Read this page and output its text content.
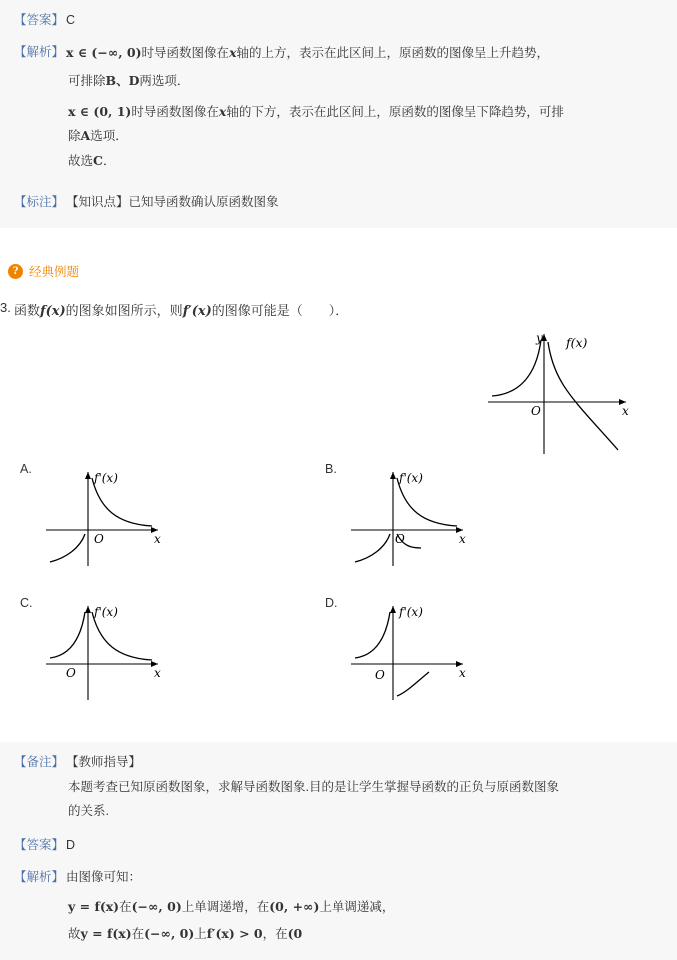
【答案】 C
【解析】 x ∈ (−∞, 0)时导函数图像在x轴的上方，表示在此区间上，原函数的图像呈上升趋势，
可排除B、D两选项．
x ∈ (0, 1)时导函数图像在x轴的下方，表示在此区间上，原函数的图像呈下降趋势，可排
除A选项．
故选C．
【标注】 【知识点】已知导函数确认原函数图象
? 经典例题
3. 函数f(x)的图象如图所示，则f′(x)的图像可能是（　　）．
y
x
O
f(x)
A.
f'(x)
x
O
B.
f'(x)
x
O
C.
f'(x)
x
O
D.
f'(x)
x
O
【备注】 【教师指导】
本题考查已知原函数图象，求解导函数图象.目的是让学生掌握导函数的正负与原函数图象
的关系.
【答案】 D
【解析】 由图像可知：
y = f(x)在(−∞, 0)上单调递增，在(0, +∞)上单调递减，
故y = f(x)在(−∞, 0)上f′(x) > 0，在(0
